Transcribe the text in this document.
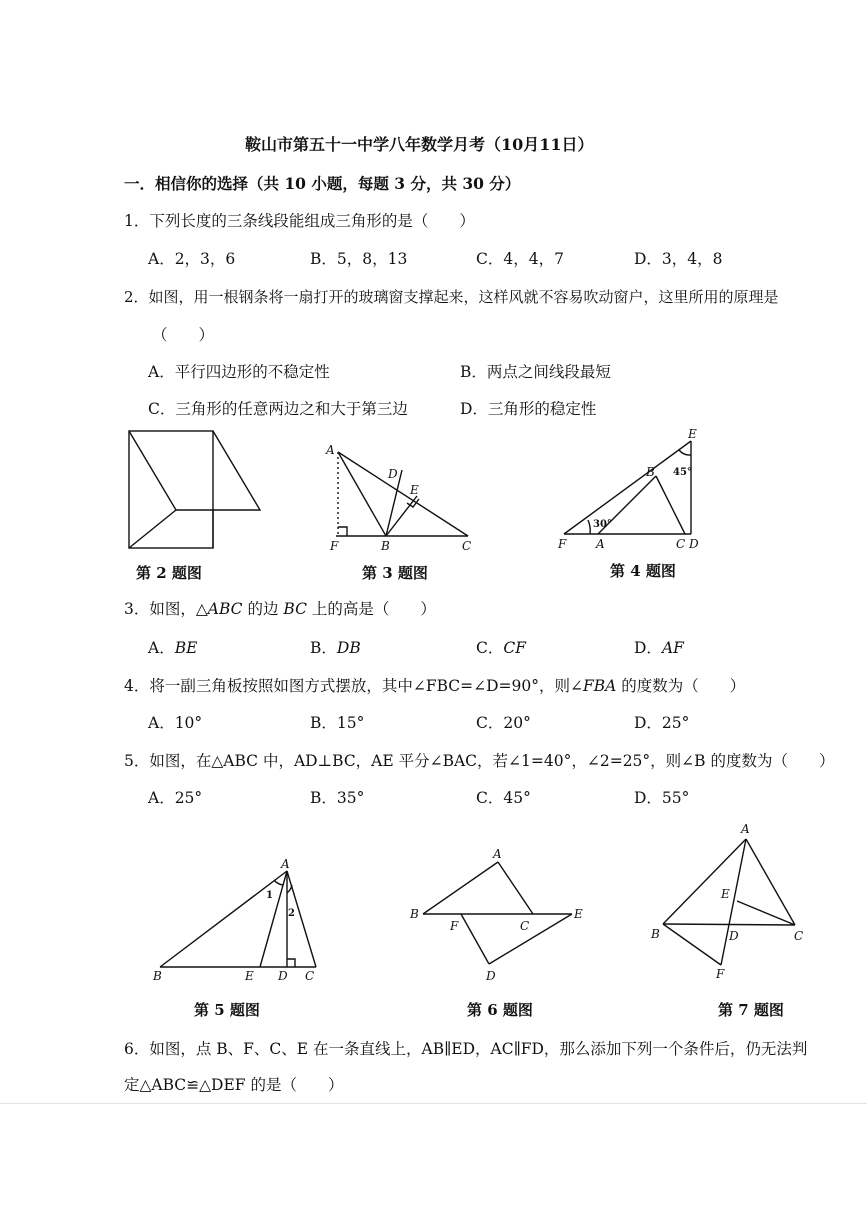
鞍山市第五十一中学八年数学月考（10月11日）
一．相信你的选择（共 10 小题，每题 3 分，共 30 分）
1．下列长度的三条线段能组成三角形的是（　　）
A．2，3，6	B．5，8，13	C．4，4，7	D．3，4，8
2．如图，用一根钢条将一扇打开的玻璃窗支撑起来，这样风就不容易吹动窗户，这里所用的原理是
（　　）
A．平行四边形的不稳定性	B．两点之间线段最短
C．三角形的任意两边之和大于第三边	D．三角形的稳定性
A
D
E
F	B	C
E
B
F A	C D
30°
45°
第 2 题图	第 3 题图	第 4 题图
3．如图，△ABC 的边 BC 上的高是（　　）
A．BE	B．DB	C．CF	D．AF
4．将一副三角板按照如图方式摆放，其中∠FBC=∠D=90°，则∠FBA 的度数为（　　）
A．10°	B．15°	C．20°	D．25°
5．如图，在△ABC 中，AD⊥BC，AE 平分∠BAC，若∠1=40°，∠2=25°，则∠B 的度数为（　　）
A．25°	B．35°	C．45°	D．55°
A
B	E D C
1
2
A
B
F	C
E
D
A
E
B	D	C
F
第 5 题图	第 6 题图	第 7 题图
6．如图，点 B、F、C、E 在一条直线上，AB∥ED，AC∥FD，那么添加下列一个条件后，仍无法判
定△ABC≌△DEF 的是（　　）
